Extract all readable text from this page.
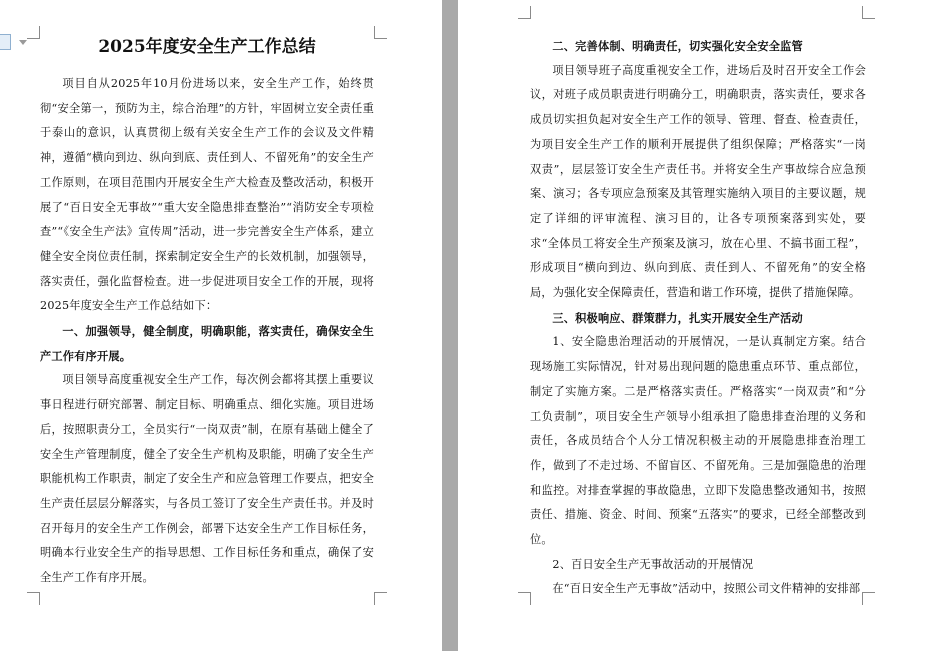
2025年度安全生产工作总结

项目自从2025年10月份进场以来，安全生产工作，始终贯彻“安全第一，预防为主，综合治理”的方针，牢固树立安全责任重于泰山的意识，认真贯彻上级有关安全生产工作的会议及文件精神，遵循“横向到边、纵向到底、责任到人、不留死角”的安全生产工作原则，在项目范围内开展安全生产大检查及整改活动，积极开展了“百日安全无事故”“重大安全隐患排查整治”“消防安全专项检查”“《安全生产法》宣传周”活动，进一步完善安全生产体系，建立健全安全岗位责任制，探索制定安全生产的长效机制，加强领导，落实责任，强化监督检查。进一步促进项目安全工作的开展，现将2025年度安全生产工作总结如下：

一、加强领导，健全制度，明确职能，落实责任，确保安全生产工作有序开展。

项目领导高度重视安全生产工作，每次例会都将其摆上重要议事日程进行研究部署、制定目标、明确重点、细化实施。项目进场后，按照职责分工，全员实行“一岗双责”制，在原有基础上健全了安全生产管理制度，健全了安全生产机构及职能，明确了安全生产职能机构工作职责，制定了安全生产和应急管理工作要点，把安全生产责任层层分解落实，与各员工签订了安全生产责任书。并及时召开每月的安全生产工作例会，部署下达安全生产工作目标任务，明确本行业安全生产的指导思想、工作目标任务和重点，确保了安全生产工作有序开展。

二、完善体制、明确责任，切实强化安全安全监管

项目领导班子高度重视安全工作，进场后及时召开安全工作会议，对班子成员职责进行明确分工，明确职责，落实责任，要求各成员切实担负起对安全生产工作的领导、管理、督查、检查责任，为项目安全生产工作的顺利开展提供了组织保障；严格落实“一岗双责”，层层签订安全生产责任书。并将安全生产事故综合应急预案、演习；各专项应急预案及其管理实施纳入项目的主要议题，规定了详细的评审流程、演习目的，让各专项预案落到实处，要求“全体员工将安全生产预案及演习，放在心里、不搞书面工程”，形成项目“横向到边、纵向到底、责任到人、不留死角”的安全格局，为强化安全保障责任，营造和谐工作环境，提供了措施保障。

三、积极响应、群策群力，扎实开展安全生产活动

1、安全隐患治理活动的开展情况，一是认真制定方案。结合现场施工实际情况，针对易出现问题的隐患重点环节、重点部位，制定了实施方案。二是严格落实责任。严格落实“一岗双责”和“分工负责制”，项目安全生产领导小组承担了隐患排查治理的义务和责任，各成员结合个人分工情况积极主动的开展隐患排查治理工作，做到了不走过场、不留盲区、不留死角。三是加强隐患的治理和监控。对排查掌握的事故隐患，立即下发隐患整改通知书，按照责任、措施、资金、时间、预案“五落实”的要求，已经全部整改到位。

2、百日安全生产无事故活动的开展情况

在“百日安全生产无事故”活动中，按照公司文件精神的安排部
